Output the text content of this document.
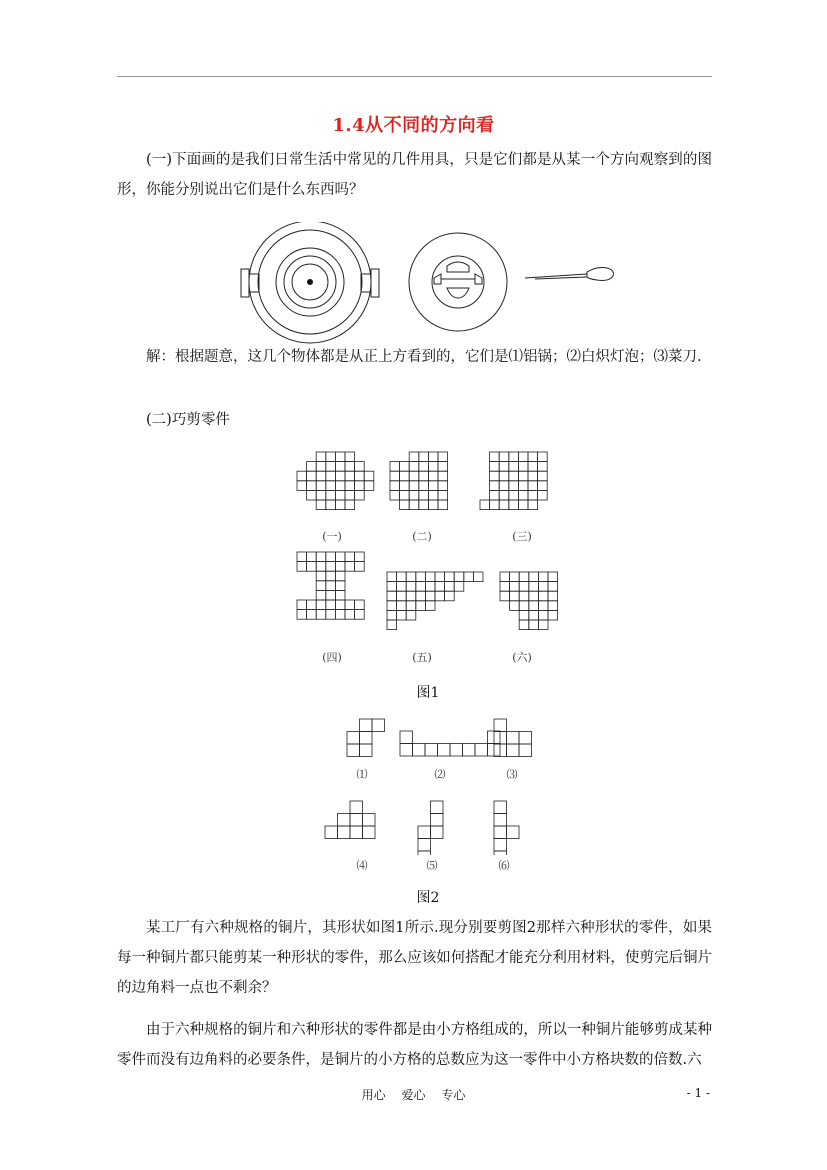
1.4从不同的方向看
(一)下面画的是我们日常生活中常见的几件用具，只是它们都是从某一个方向观察到的图形，你能分别说出它们是什么东西吗？
解：根据题意，这几个物体都是从正上方看到的，它们是⑴铝锅；⑵白炽灯泡；⑶菜刀.
(二)巧剪零件
(一)	(二)	(三)
(四)	(五)	(六)
图1
⑴	⑵	⑶
⑷	⑸	⑹
图2
某工厂有六种规格的铜片，其形状如图1所示.现分别要剪图2那样六种形状的零件，如果每一种铜片都只能剪某一种形状的零件，那么应该如何搭配才能充分利用材料，使剪完后铜片的边角料一点也不剩余？
由于六种规格的铜片和六种形状的零件都是由小方格组成的，所以一种铜片能够剪成某种零件而没有边角料的必要条件，是铜片的小方格的总数应为这一零件中小方格块数的倍数.六
用心 爱心 专心	- 1 -
